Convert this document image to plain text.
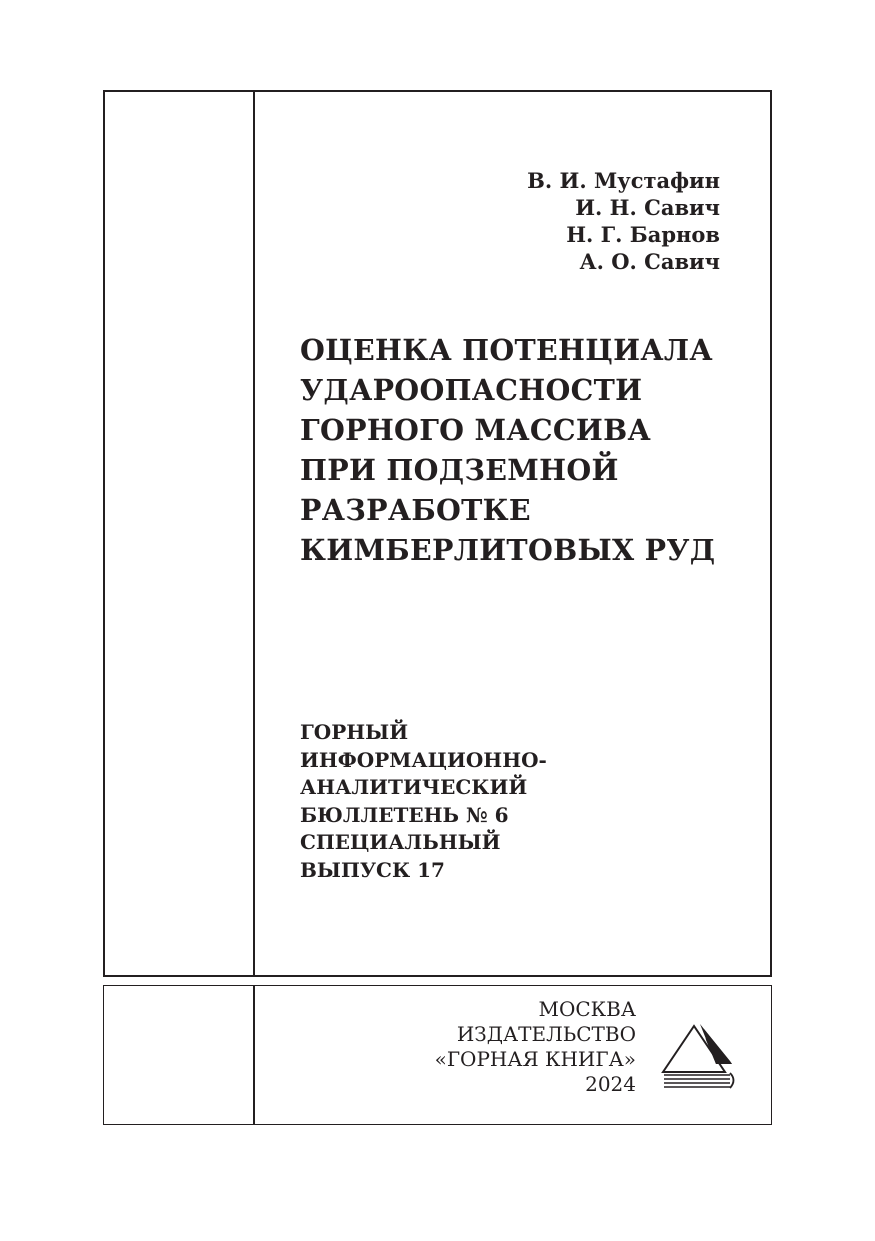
В. И. Мустафин
И. Н. Савич
Н. Г. Барнов
А. О. Савич
ОЦЕНКА ПОТЕНЦИАЛА
УДАРООПАСНОСТИ
ГОРНОГО МАССИВА
ПРИ ПОДЗЕМНОЙ
РАЗРАБОТКЕ
КИМБЕРЛИТОВЫХ РУД
ГОРНЫЙ
ИНФОРМАЦИОННО-
АНАЛИТИЧЕСКИЙ
БЮЛЛЕТЕНЬ № 6
СПЕЦИАЛЬНЫЙ
ВЫПУСК 17
МОСКВА
ИЗДАТЕЛЬСТВО
«ГОРНАЯ КНИГА»
2024
